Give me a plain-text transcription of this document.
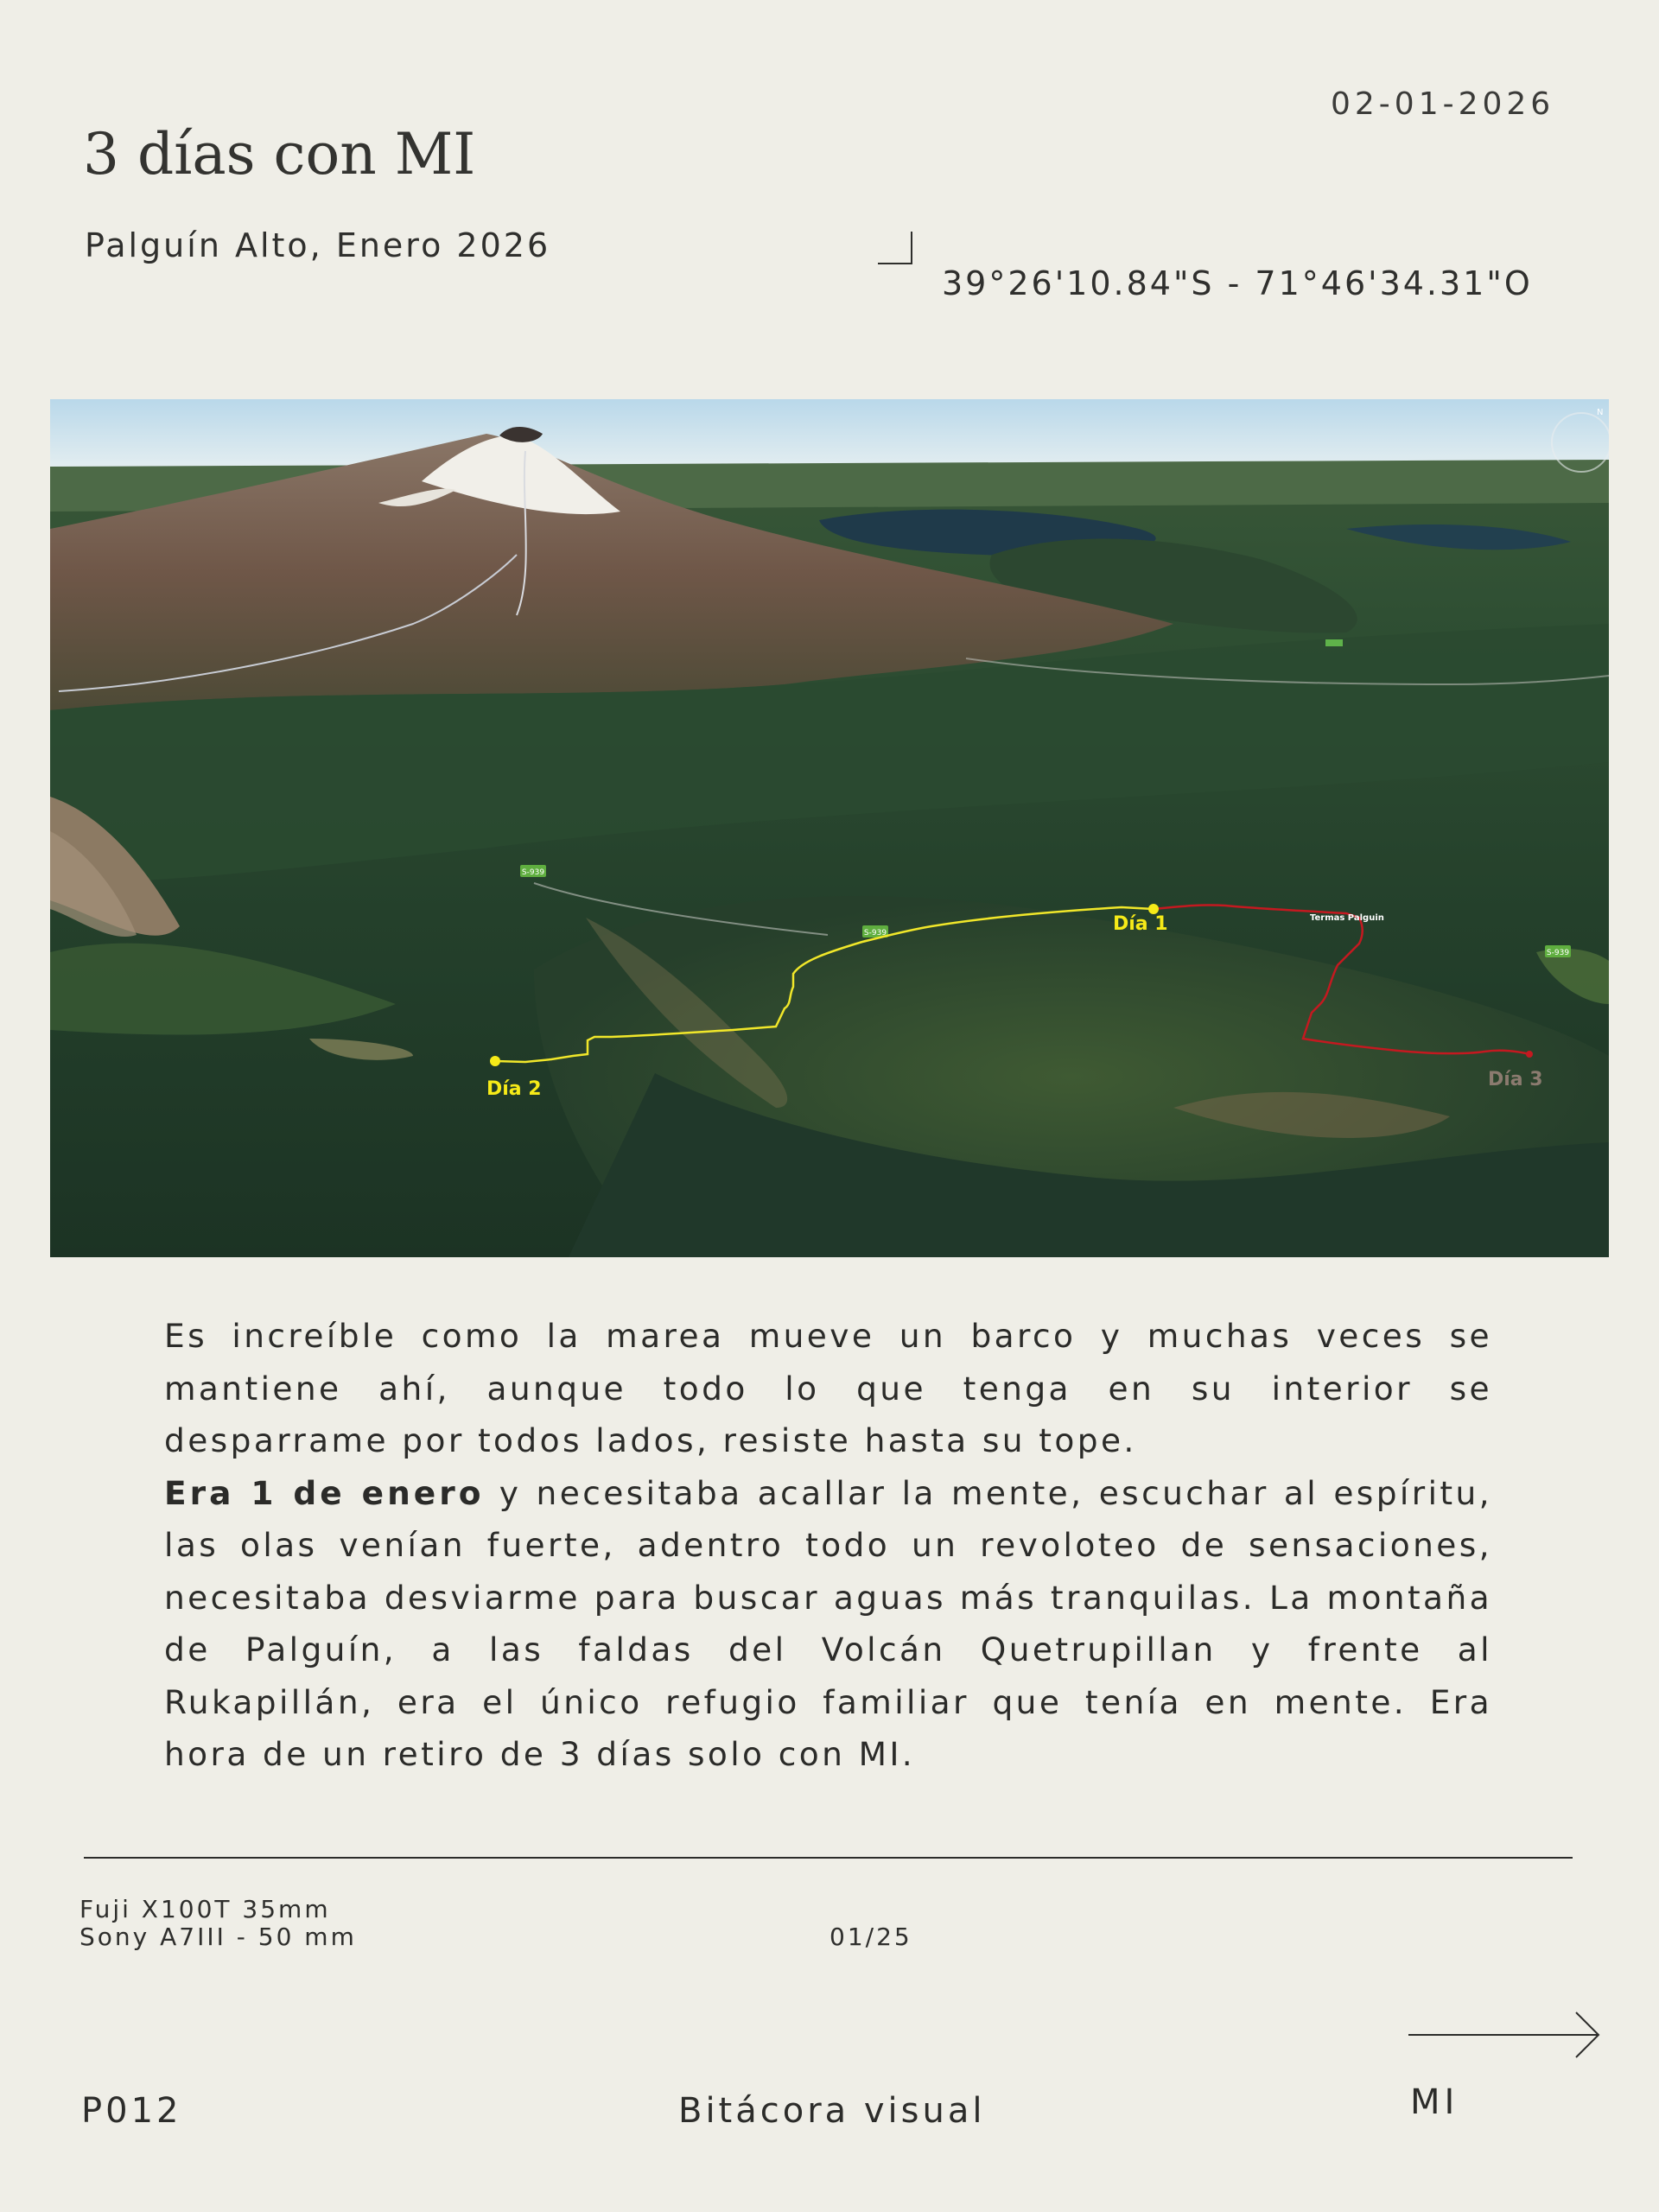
3 días con MI
Palguín Alto, Enero 2026
02-01-2026
39°26'10.84"S - 71°46'34.31"O
N
S-939
S-939
S-939
Día 1
Día 2	Día 3
Termas Palguin

Es increíble como la marea mueve un barco y muchas veces se mantiene ahí, aunque todo lo que tenga en su interior se desparrame por todos lados, resiste hasta su tope.

Era 1 de enero y necesitaba acallar la mente, escuchar al espíritu, las olas venían fuerte, adentro todo un revoloteo de sensaciones, necesitaba desviarme para buscar aguas más tranquilas. La montaña de Palguín, a las faldas del Volcán Quetrupillan y frente al Rukapillán, era el único refugio familiar que tenía en mente. Era hora de un retiro de 3 días solo con MI.

Fuji X100T 35mm
Sony A7III - 50 mm	01/25
P012	Bitácora visual	MI
